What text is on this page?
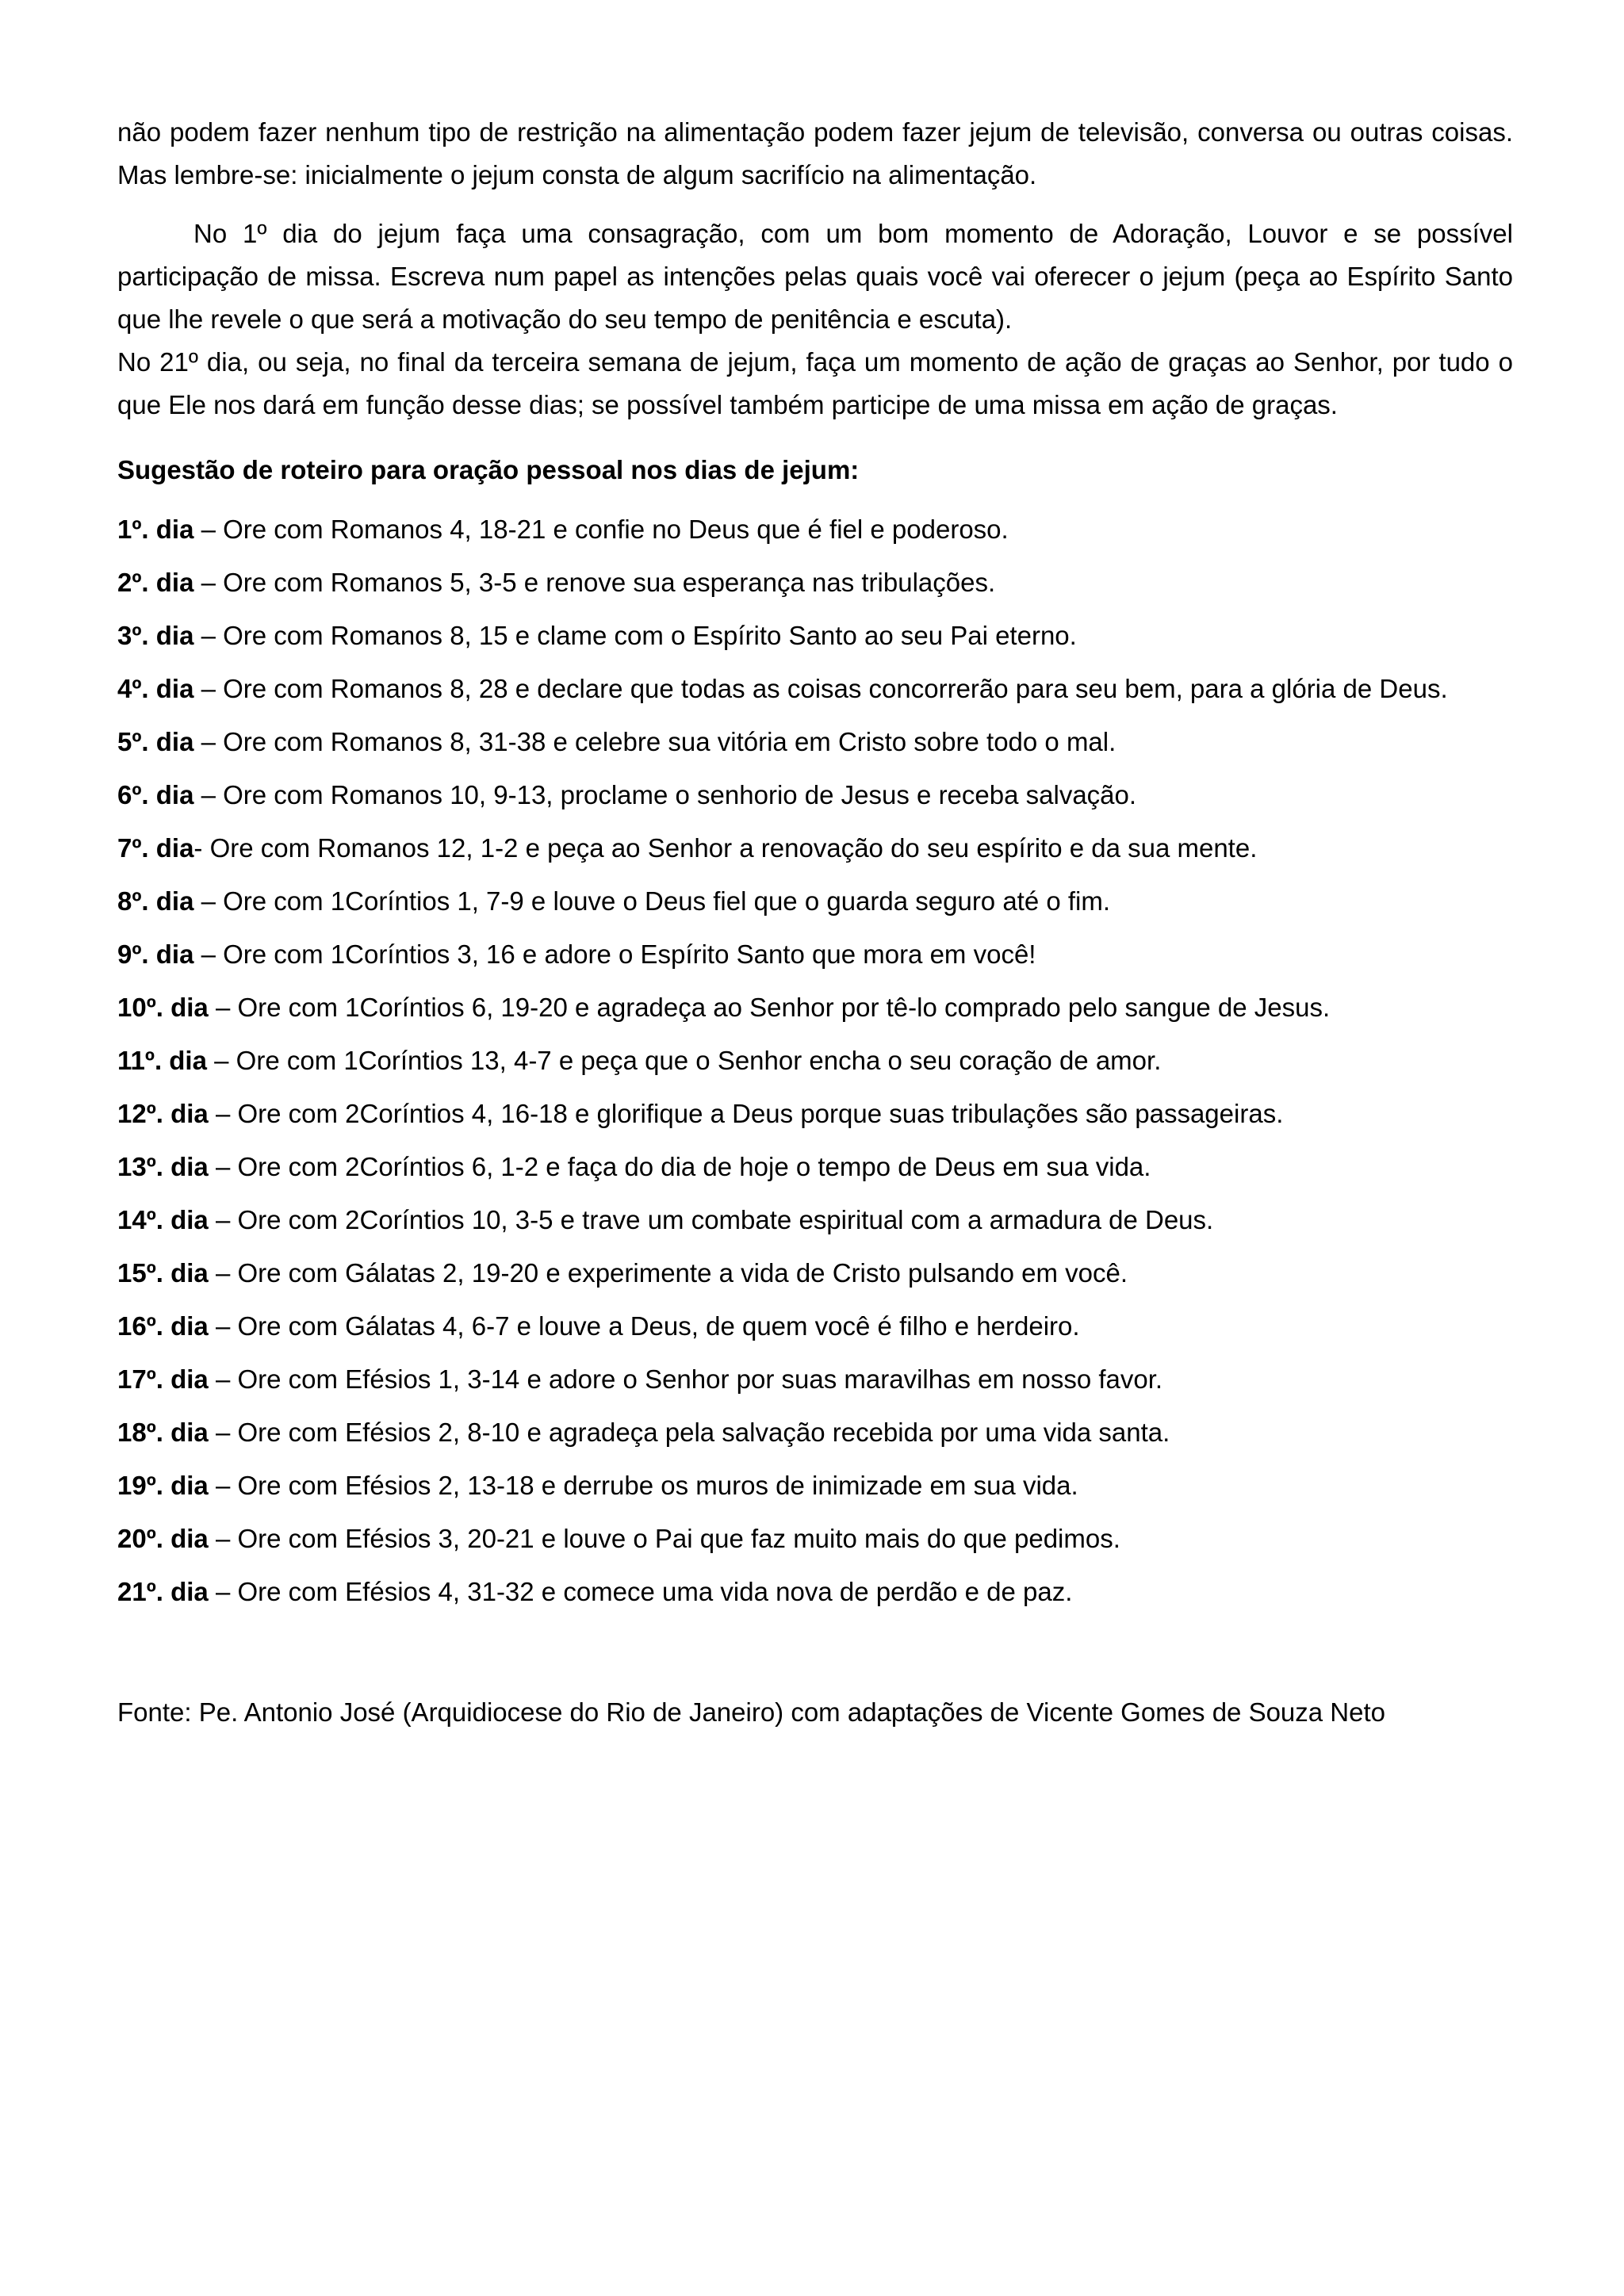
não podem fazer nenhum tipo de restrição na alimentação podem fazer jejum de televisão, conversa ou outras coisas. Mas lembre-se: inicialmente o jejum consta de algum sacrifício na alimentação.

No 1º dia do jejum faça uma consagração, com um bom momento de Adoração, Louvor e se possível participação de missa. Escreva num papel as intenções pelas quais você vai oferecer o jejum (peça ao Espírito Santo que lhe revele o que será a motivação do seu tempo de penitência e escuta).
No 21º dia, ou seja, no final da terceira semana de jejum, faça um momento de ação de graças ao Senhor, por tudo o que Ele nos dará em função desse dias; se possível também participe de uma missa em ação de graças.

Sugestão de roteiro para oração pessoal nos dias de jejum:

1º. dia – Ore com Romanos 4, 18-21 e confie no Deus que é fiel e poderoso.
2º. dia – Ore com Romanos 5, 3-5 e renove sua esperança nas tribulações.
3º. dia – Ore com Romanos 8, 15 e clame com o Espírito Santo ao seu Pai eterno.
4º. dia – Ore com Romanos 8, 28 e declare que todas as coisas concorrerão para seu bem, para a glória de Deus.
5º. dia – Ore com Romanos 8, 31-38 e celebre sua vitória em Cristo sobre todo o mal.
6º. dia – Ore com Romanos 10, 9-13, proclame o senhorio de Jesus e receba salvação.
7º. dia- Ore com Romanos 12, 1-2 e peça ao Senhor a renovação do seu espírito e da sua mente.
8º. dia – Ore com 1Coríntios 1, 7-9 e louve o Deus fiel que o guarda seguro até o fim.
9º. dia – Ore com 1Coríntios 3, 16 e adore o Espírito Santo que mora em você!
10º. dia – Ore com 1Coríntios 6, 19-20 e agradeça ao Senhor por tê-lo comprado pelo sangue de Jesus.
11º. dia – Ore com 1Coríntios 13, 4-7 e peça que o Senhor encha o seu coração de amor.
12º. dia – Ore com 2Coríntios 4, 16-18 e glorifique a Deus porque suas tribulações são passageiras.
13º. dia – Ore com 2Coríntios 6, 1-2 e faça do dia de hoje o tempo de Deus em sua vida.
14º. dia – Ore com 2Coríntios 10, 3-5 e trave um combate espiritual com a armadura de Deus.
15º. dia – Ore com Gálatas 2, 19-20 e experimente a vida de Cristo pulsando em você.
16º. dia – Ore com Gálatas 4, 6-7 e louve a Deus, de quem você é filho e herdeiro.
17º. dia – Ore com Efésios 1, 3-14 e adore o Senhor por suas maravilhas em nosso favor.
18º. dia – Ore com Efésios 2, 8-10 e agradeça pela salvação recebida por uma vida santa.
19º. dia – Ore com Efésios 2, 13-18 e derrube os muros de inimizade em sua vida.
20º. dia – Ore com Efésios 3, 20-21 e louve o Pai que faz muito mais do que pedimos.
21º. dia – Ore com Efésios 4, 31-32 e comece uma vida nova de perdão e de paz.

Fonte: Pe. Antonio José (Arquidiocese do Rio de Janeiro) com adaptações de Vicente Gomes de Souza Neto
